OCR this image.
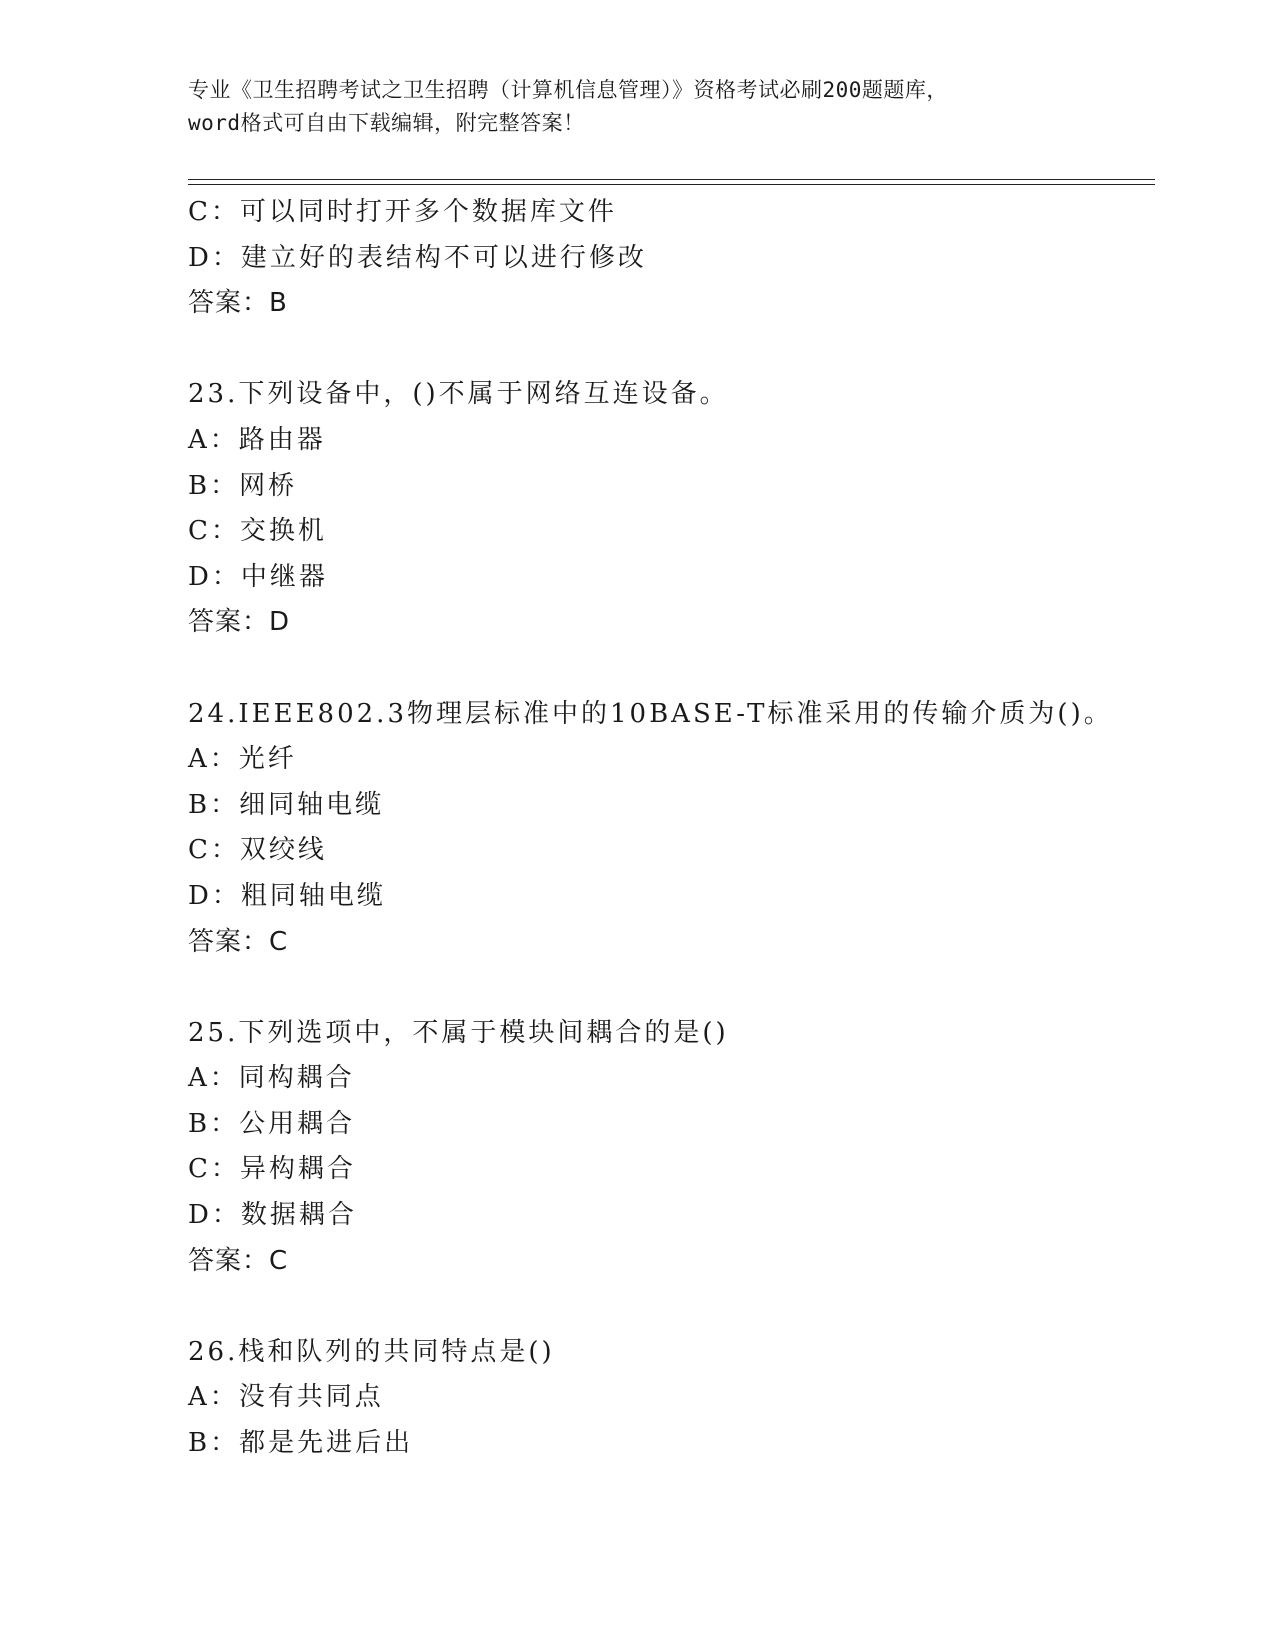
专业《卫生招聘考试之卫生招聘（计算机信息管理）》资格考试必刷200题题库，
word格式可自由下载编辑，附完整答案！
C：可以同时打开多个数据库文件
D：建立好的表结构不可以进行修改
答案：B
23.下列设备中，()不属于网络互连设备。
A：路由器
B：网桥
C：交换机
D：中继器
答案：D
24.IEEE802.3物理层标准中的10BASE-T标准采用的传输介质为()。
A：光纤
B：细同轴电缆
C：双绞线
D：粗同轴电缆
答案：C
25.下列选项中，不属于模块间耦合的是()
A：同构耦合
B：公用耦合
C：异构耦合
D：数据耦合
答案：C
26.栈和队列的共同特点是()
A：没有共同点
B：都是先进后出
